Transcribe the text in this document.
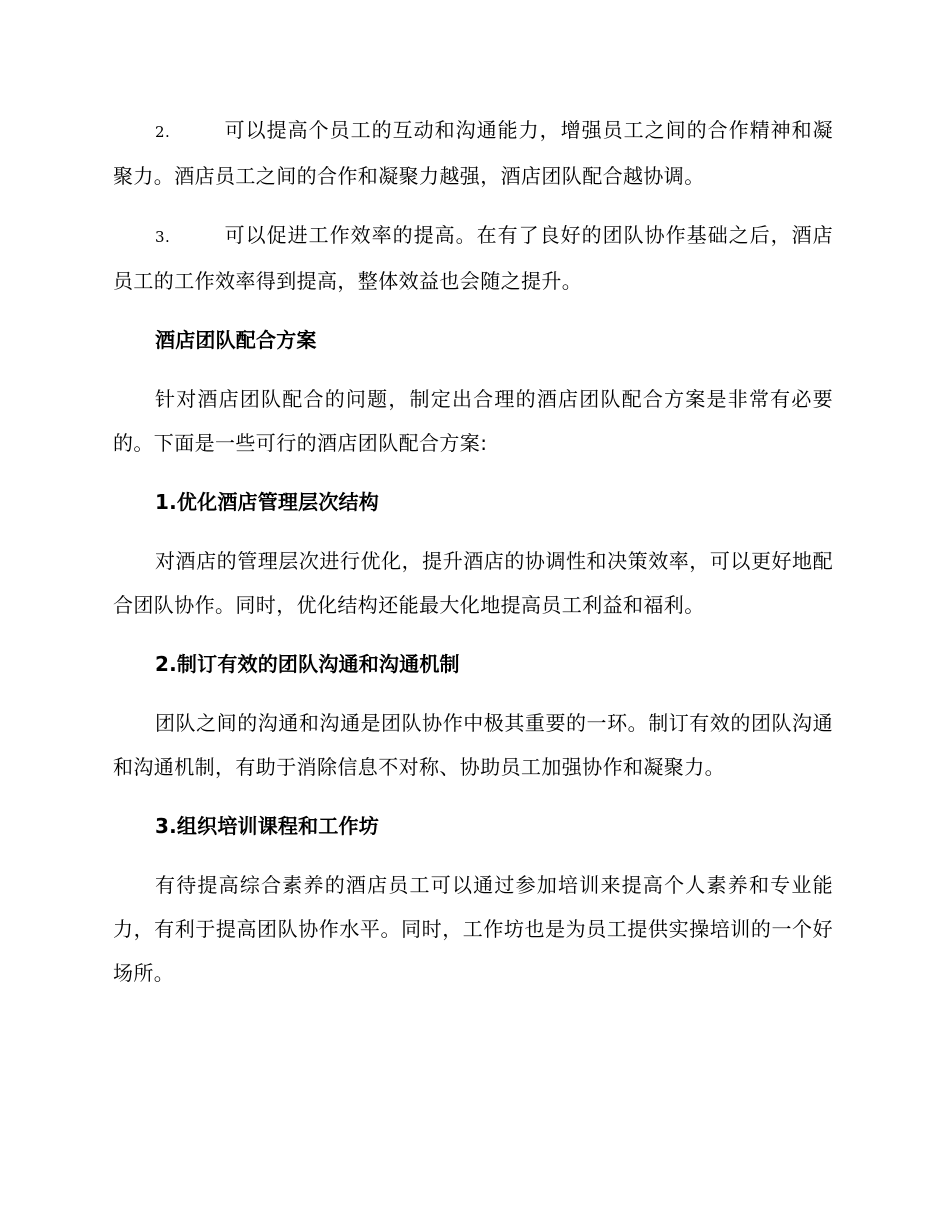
2.	可以提高个员工的互动和沟通能力，增强员工之间的合作精神和凝聚力。酒店员工之间的合作和凝聚力越强，酒店团队配合越协调。

3.	可以促进工作效率的提高。在有了良好的团队协作基础之后，酒店员工的工作效率得到提高，整体效益也会随之提升。

酒店团队配合方案

针对酒店团队配合的问题，制定出合理的酒店团队配合方案是非常有必要的。下面是一些可行的酒店团队配合方案:

1.优化酒店管理层次结构

对酒店的管理层次进行优化，提升酒店的协调性和决策效率，可以更好地配合团队协作。同时，优化结构还能最大化地提高员工利益和福利。

2.制订有效的团队沟通和沟通机制

团队之间的沟通和沟通是团队协作中极其重要的一环。制订有效的团队沟通和沟通机制，有助于消除信息不对称、协助员工加强协作和凝聚力。

3.组织培训课程和工作坊

有待提高综合素养的酒店员工可以通过参加培训来提高个人素养和专业能力，有利于提高团队协作水平。同时，工作坊也是为员工提供实操培训的一个好场所。
